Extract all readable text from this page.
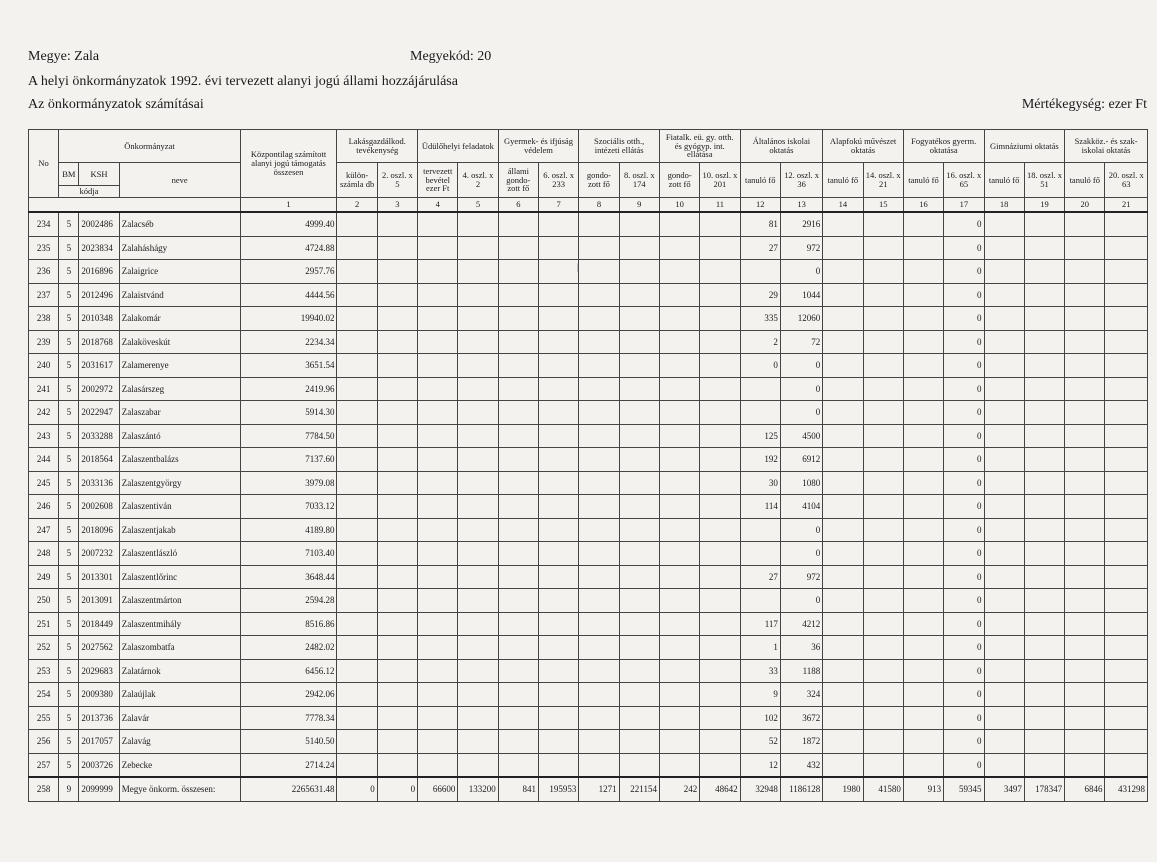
Megye: Zala	Megyekód: 20
A helyi önkormányzatok 1992. évi tervezett alanyi jogú állami hozzájárulása
Az önkormányzatok számításai	Mértékegység: ezer Ft
No	Önkormányzat			Központilag számított alanyi jogú támogatás összesen	Lakásgazdálkod. tevékenység		Üdülőhelyi feladatok		Gyermek- és ifjúság védelem		Szociális otth., intézeti ellátás		Fiatalk. eü. gy. otth. és gyógyp. int. ellátása		Általános iskolai oktatás		Alapfokú művészet oktatás		Fogyatékos gyerm. oktatása		Gimnáziumi oktatás		Szakköz.- és szak-iskolai oktatás	
	BM	KSH	neve		külön-számla db	2. oszl. x 5	tervezett bevétel ezer Ft	4. oszl. x 2	állami gondo-zott fő	6. oszl. x 233	gondo-zott fő	8. oszl. x 174	gondo-zott fő	10. oszl. x 201	tanuló fő	12. oszl. x 36	tanuló fő	14. oszl. x 21	tanuló fő	16. oszl. x 65	tanuló fő	18. oszl. x 51	tanuló fő	20. oszl. x 63
	kódja																							
				1	2	3	4	5	6	7	8	9	10	11	12	13	14	15	16	17	18	19	20	21
234	5	2002486	Zalacséb	4999.40											81	2916				0				
235	5	2023834	Zalaháshágy	4724.88											27	972				0				
236	5	2016896	Zalaigrice	2957.76												0				0				
237	5	2012496	Zalaistvánd	4444.56											29	1044				0				
238	5	2010348	Zalakomár	19940.02											335	12060				0				
239	5	2018768	Zalaköveskút	2234.34											2	72				0				
240	5	2031617	Zalamerenye	3651.54											0	0				0				
241	5	2002972	Zalasárszeg	2419.96												0				0				
242	5	2022947	Zalaszabar	5914.30												0				0				
243	5	2033288	Zalaszántó	7784.50											125	4500				0				
244	5	2018564	Zalaszentbalázs	7137.60											192	6912				0				
245	5	2033136	Zalaszentgyörgy	3979.08											30	1080				0				
246	5	2002608	Zalaszentiván	7033.12											114	4104				0				
247	5	2018096	Zalaszentjakab	4189.80												0				0				
248	5	2007232	Zalaszentlászló	7103.40												0				0				
249	5	2013301	Zalaszentlőrinc	3648.44											27	972				0				
250	5	2013091	Zalaszentmárton	2594.28												0				0				
251	5	2018449	Zalaszentmihály	8516.86											117	4212				0				
252	5	2027562	Zalaszombatfa	2482.02											1	36				0				
253	5	2029683	Zalatárnok	6456.12											33	1188				0				
254	5	2009380	Zalaújlak	2942.06											9	324				0				
255	5	2013736	Zalavár	7778.34											102	3672				0				
256	5	2017057	Zalavág	5140.50											52	1872				0				
257	5	2003726	Zebecke	2714.24											12	432				0				
258	9	2099999	Megye önkorm. összesen:	2265631.48	0	0	66600	133200	841	195953	1271	221154	242	48642	32948	1186128	1980	41580	913	59345	3497	178347	6846	431298
|
